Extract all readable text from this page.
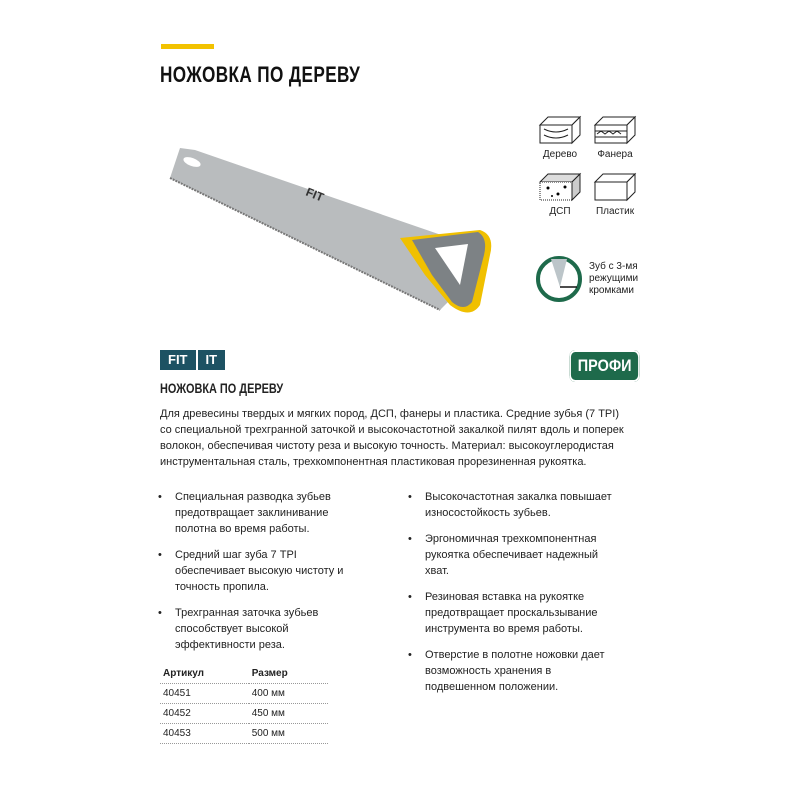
НОЖОВКА ПО ДЕРЕВУ
FIT
Дерево	Фанера
ДСП	Пластик
Зуб с 3-мя
режущими
кромками
FIT	IT	ПРОФИ
НОЖОВКА ПО ДЕРЕВУ
Для древесины твердых и мягких пород, ДСП, фанеры и пластика. Средние зубья (7 TPI) со специальной трехгранной заточкой и высокочастотной закалкой пилят вдоль и поперек волокон, обеспечивая чистоту реза и высокую точность. Материал: высокоуглеродистая инструментальная сталь, трехкомпонентная пластиковая прорезиненная рукоятка.
• Специальная разводка зубьев предотвращает заклинивание полотна во время работы.
• Средний шаг зуба 7 TPI обеспечивает высокую чистоту и точность пропила.
• Трехгранная заточка зубьев способствует высокой эффективности реза.
• Высокочастотная закалка повышает износостойкость зубьев.
• Эргономичная трехкомпонентная рукоятка обеспечивает надежный хват.
• Резиновая вставка на рукоятке предотвращает проскальзывание инструмента во время работы.
• Отверстие в полотне ножовки дает возможность хранения в подвешенном положении.
Артикул	Размер
40451	400 мм
40452	450 мм
40453	500 мм
